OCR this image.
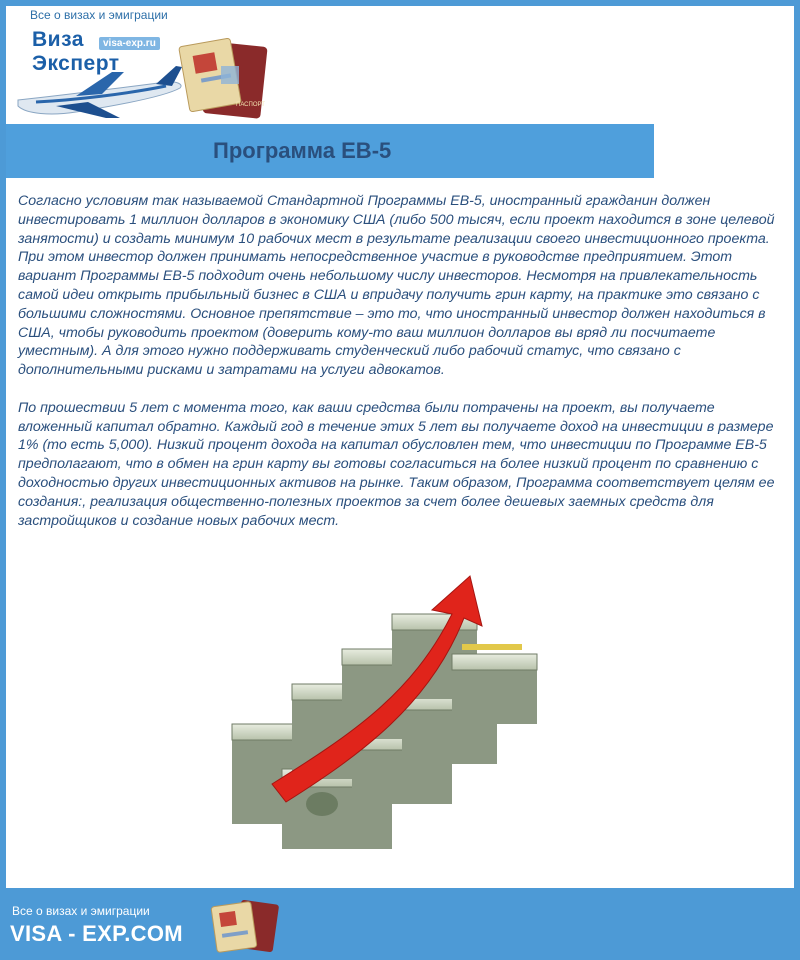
Все о визах и эмиграции
ПАСПОРТ
Виза
Эксперт
visa-exp.ru
Программа EB-5

Согласно условиям так называемой Стандартной Программы ЕВ-5, иностранный гражданин должен инвестировать 1 миллион долларов в экономику США (либо 500 тысяч, если проект находится в зоне целевой занятости) и создать минимум 10 рабочих мест в результате реализации своего инвестиционного проекта. При этом инвестор должен принимать непосредственное участие в руководстве предприятием. Этот вариант Программы ЕВ-5 подходит очень небольшому числу инвесторов. Несмотря на привлекательность самой идеи открыть прибыльный бизнес в США и впридачу получить грин карту, на практике это связано с большими сложностями. Основное препятствие – это то, что иностранный инвестор должен находиться в США, чтобы руководить проектом (доверить кому-то ваш миллион долларов вы вряд ли посчитаете уместным). А для этого нужно поддерживать студенческий либо рабочий статус, что связано с дополнительными рисками и затратами на услуги адвокатов.

По прошествии 5 лет с момента того, как ваши средства были потрачены на проект, вы получаете вложенный капитал обратно. Каждый год в течение этих 5 лет вы получаете доход на инвестиции в размере 1% (то есть 5,000). Низкий процент дохода на капитал обусловлен тем, что инвестиции по Программе ЕВ-5 предполагают, что в обмен на грин карту вы готовы согласиться на более низкий процент по сравнению с доходностью других инвестиционных активов на рынке. Таким образом, Программа соответствует целям ее создания:, реализация общественно-полезных проектов за счет более дешевых заемных средств для застройщиков и создание новых рабочих мест.

Все о визах и эмиграции
VISA - EXP.COM
